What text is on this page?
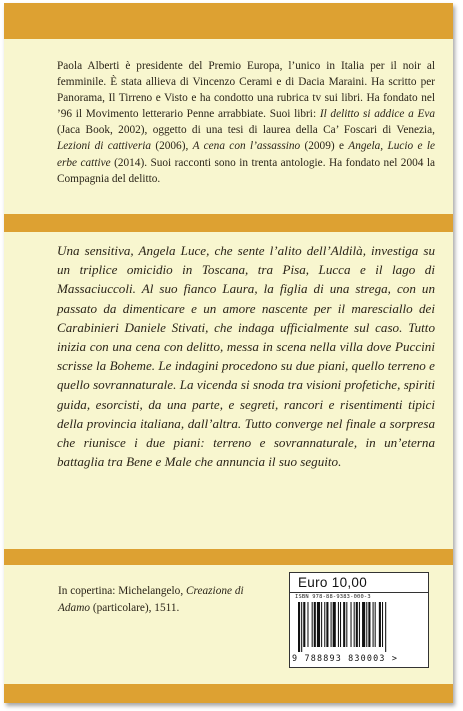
Paola Alberti è presidente del Premio Europa, l’unico in Italia per il noir al femminile. È stata allieva di Vincenzo Cerami e di Dacia Maraini. Ha scritto per Panorama, Il Tirreno e Visto e ha condotto una rubrica tv sui libri. Ha fondato nel ’96 il Movimento letterario Penne arrabbiate. Suoi libri: Il delitto si addice a Eva (Jaca Book, 2002), oggetto di una tesi di laurea della Ca’ Foscari di Venezia, Lezioni di cattiveria (2006), A cena con l’assassino (2009) e Angela, Lucio e le erbe cattive (2014). Suoi racconti sono in trenta antologie. Ha fondato nel 2004 la Compagnia del delitto.

Una sensitiva, Angela Luce, che sente l’alito dell’Aldilà, investiga su un triplice omicidio in Toscana, tra Pisa, Lucca e il lago di Massaciuccoli. Al suo fianco Laura, la figlia di una strega, con un passato da dimenticare e un amore nascente per il maresciallo dei Carabinieri Daniele Stivati, che indaga ufficialmente sul caso. Tutto inizia con una cena con delitto, messa in scena nella villa dove Puccini scrisse la Boheme. Le indagini procedono su due piani, quello terreno e quello sovrannaturale. La vicenda si snoda tra visioni profetiche, spiriti guida, esorcisti, da una parte, e segreti, rancori e risentimenti tipici della provincia italiana, dall’altra. Tutto converge nel finale a sorpresa che riunisce i due piani: terreno e sovrannaturale, in un’eterna battaglia tra Bene e Male che annuncia il suo seguito.

In copertina: Michelangelo, Creazione di Adamo (particolare), 1511.
Euro 10,00
ISBN 978-88-9383-000-3
9 788893 830003 >
